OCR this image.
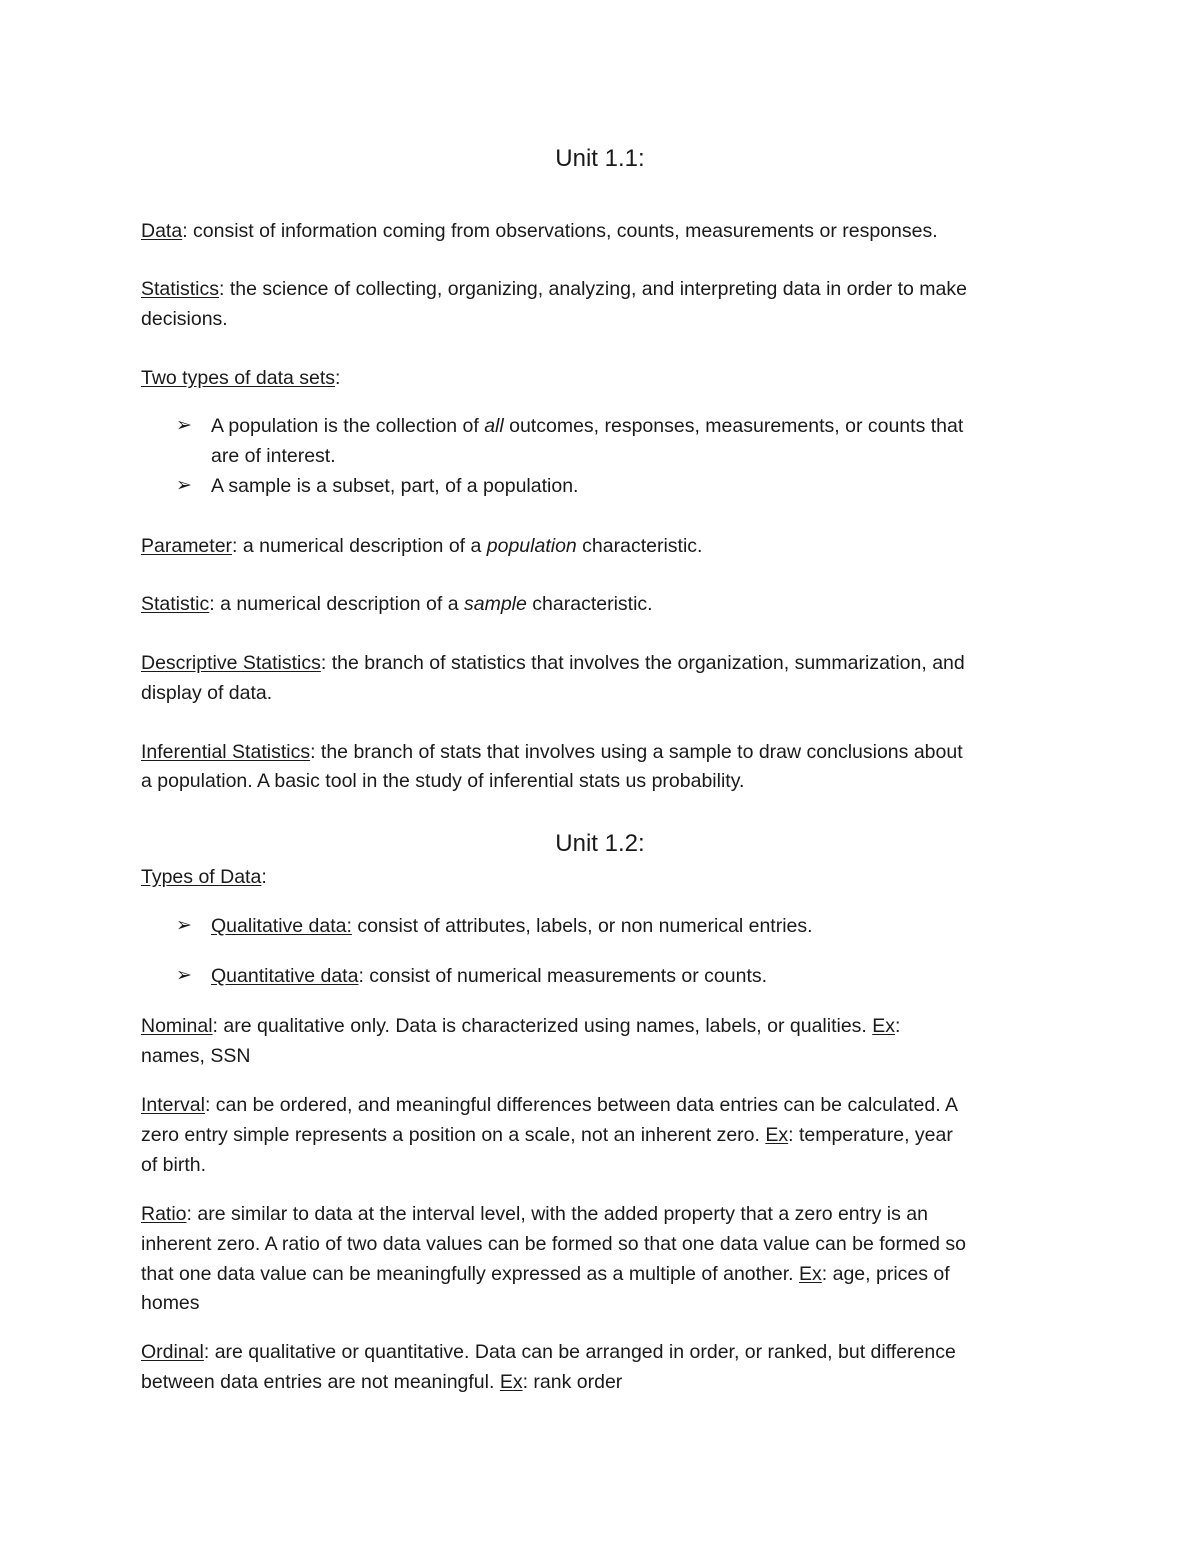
Unit 1.1:
Data: consist of information coming from observations, counts, measurements or responses.
Statistics: the science of collecting, organizing, analyzing, and interpreting data in order to make
decisions.
Two types of data sets:
➢ A population is the collection of all outcomes, responses, measurements, or counts that
are of interest.
➢ A sample is a subset, part, of a population.
Parameter: a numerical description of a population characteristic.
Statistic: a numerical description of a sample characteristic.
Descriptive Statistics: the branch of statistics that involves the organization, summarization, and
display of data.
Inferential Statistics: the branch of stats that involves using a sample to draw conclusions about
a population. A basic tool in the study of inferential stats us probability.
Unit 1.2:
Types of Data:
➢ Qualitative data: consist of attributes, labels, or non numerical entries.
➢ Quantitative data: consist of numerical measurements or counts.
Nominal: are qualitative only. Data is characterized using names, labels, or qualities. Ex:
names, SSN
Interval: can be ordered, and meaningful differences between data entries can be calculated. A
zero entry simple represents a position on a scale, not an inherent zero. Ex: temperature, year
of birth.
Ratio: are similar to data at the interval level, with the added property that a zero entry is an
inherent zero. A ratio of two data values can be formed so that one data value can be formed so
that one data value can be meaningfully expressed as a multiple of another. Ex: age, prices of
homes
Ordinal: are qualitative or quantitative. Data can be arranged in order, or ranked, but difference
between data entries are not meaningful. Ex: rank order
